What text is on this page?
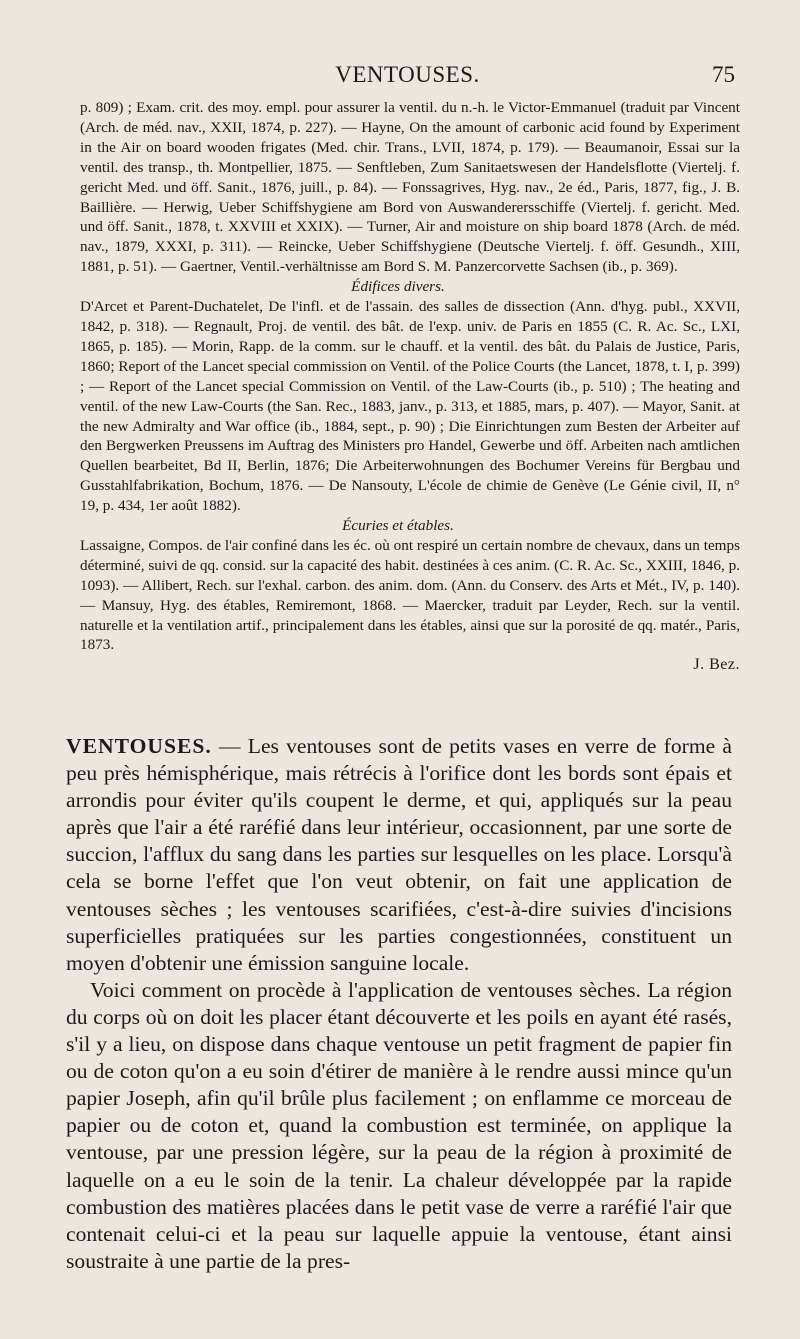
VENTOUSES.	75

p. 809) ; Exam. crit. des moy. empl. pour assurer la ventil. du n.-h. le Victor-Emmanuel (traduit par Vincent (Arch. de méd. nav., XXII, 1874, p. 227). — Hayne, On the amount of carbonic acid found by Experiment in the Air on board wooden frigates (Med. chir. Trans., LVII, 1874, p. 179). — Beaumanoir, Essai sur la ventil. des transp., th. Montpellier, 1875. — Senftleben, Zum Sanitaetswesen der Handelsflotte (Viertelj. f. gericht Med. und öff. Sanit., 1876, juill., p. 84). — Fonssagrives, Hyg. nav., 2e éd., Paris, 1877, fig., J. B. Baillière. — Herwig, Ueber Schiffshygiene am Bord von Auswanderersschiffe (Viertelj. f. gericht. Med. und öff. Sanit., 1878, t. XXVIII et XXIX). — Turner, Air and moisture on ship board 1878 (Arch. de méd. nav., 1879, XXXI, p. 311). — Reincke, Ueber Schiffshygiene (Deutsche Viertelj. f. öff. Gesundh., XIII, 1881, p. 51). — Gaertner, Ventil.-verhältnisse am Bord S. M. Panzercorvette Sachsen (ib., p. 369).

Édifices divers.

D'Arcet et Parent-Duchatelet, De l'infl. et de l'assain. des salles de dissection (Ann. d'hyg. publ., XXVII, 1842, p. 318). — Regnault, Proj. de ventil. des bât. de l'exp. univ. de Paris en 1855 (C. R. Ac. Sc., LXI, 1865, p. 185). — Morin, Rapp. de la comm. sur le chauff. et la ventil. des bât. du Palais de Justice, Paris, 1860; Report of the Lancet special commission on Ventil. of the Police Courts (the Lancet, 1878, t. I, p. 399) ; — Report of the Lancet special Commission on Ventil. of the Law-Courts (ib., p. 510) ; The heating and ventil. of the new Law-Courts (the San. Rec., 1883, janv., p. 313, et 1885, mars, p. 407). — Mayor, Sanit. at the new Admiralty and War office (ib., 1884, sept., p. 90) ; Die Einrichtungen zum Besten der Arbeiter auf den Bergwerken Preussens im Auftrag des Ministers pro Handel, Gewerbe und öff. Arbeiten nach amtlichen Quellen bearbeitet, Bd II, Berlin, 1876; Die Arbeiterwohnungen des Bochumer Vereins für Bergbau und Gusstahlfabrikation, Bochum, 1876. — De Nansouty, L'école de chimie de Genève (Le Génie civil, II, n° 19, p. 434, 1er août 1882).

Écuries et étables.

Lassaigne, Compos. de l'air confiné dans les éc. où ont respiré un certain nombre de chevaux, dans un temps déterminé, suivi de qq. consid. sur la capacité des habit. destinées à ces anim. (C. R. Ac. Sc., XXIII, 1846, p. 1093). — Allibert, Rech. sur l'exhal. carbon. des anim. dom. (Ann. du Conserv. des Arts et Mét., IV, p. 140). — Mansuy, Hyg. des étables, Remiremont, 1868. — Maercker, traduit par Leyder, Rech. sur la ventil. naturelle et la ventilation artif., principalement dans les étables, ainsi que sur la porosité de qq. matér., Paris, 1873.

J. Bez.

VENTOUSES. — Les ventouses sont de petits vases en verre de forme à peu près hémisphérique, mais rétrécis à l'orifice dont les bords sont épais et arrondis pour éviter qu'ils coupent le derme, et qui, appliqués sur la peau après que l'air a été raréfié dans leur intérieur, occasionnent, par une sorte de succion, l'afflux du sang dans les parties sur lesquelles on les place. Lorsqu'à cela se borne l'effet que l'on veut obtenir, on fait une application de ventouses sèches ; les ventouses scarifiées, c'est-à-dire suivies d'incisions superficielles pratiquées sur les parties congestionnées, constituent un moyen d'obtenir une émission sanguine locale.

Voici comment on procède à l'application de ventouses sèches. La région du corps où on doit les placer étant découverte et les poils en ayant été rasés, s'il y a lieu, on dispose dans chaque ventouse un petit fragment de papier fin ou de coton qu'on a eu soin d'étirer de manière à le rendre aussi mince qu'un papier Joseph, afin qu'il brûle plus facilement ; on enflamme ce morceau de papier ou de coton et, quand la combustion est terminée, on applique la ventouse, par une pression légère, sur la peau de la région à proximité de laquelle on a eu le soin de la tenir. La chaleur développée par la rapide combustion des matières placées dans le petit vase de verre a raréfié l'air que contenait celui-ci et la peau sur laquelle appuie la ventouse, étant ainsi soustraite à une partie de la pres-
